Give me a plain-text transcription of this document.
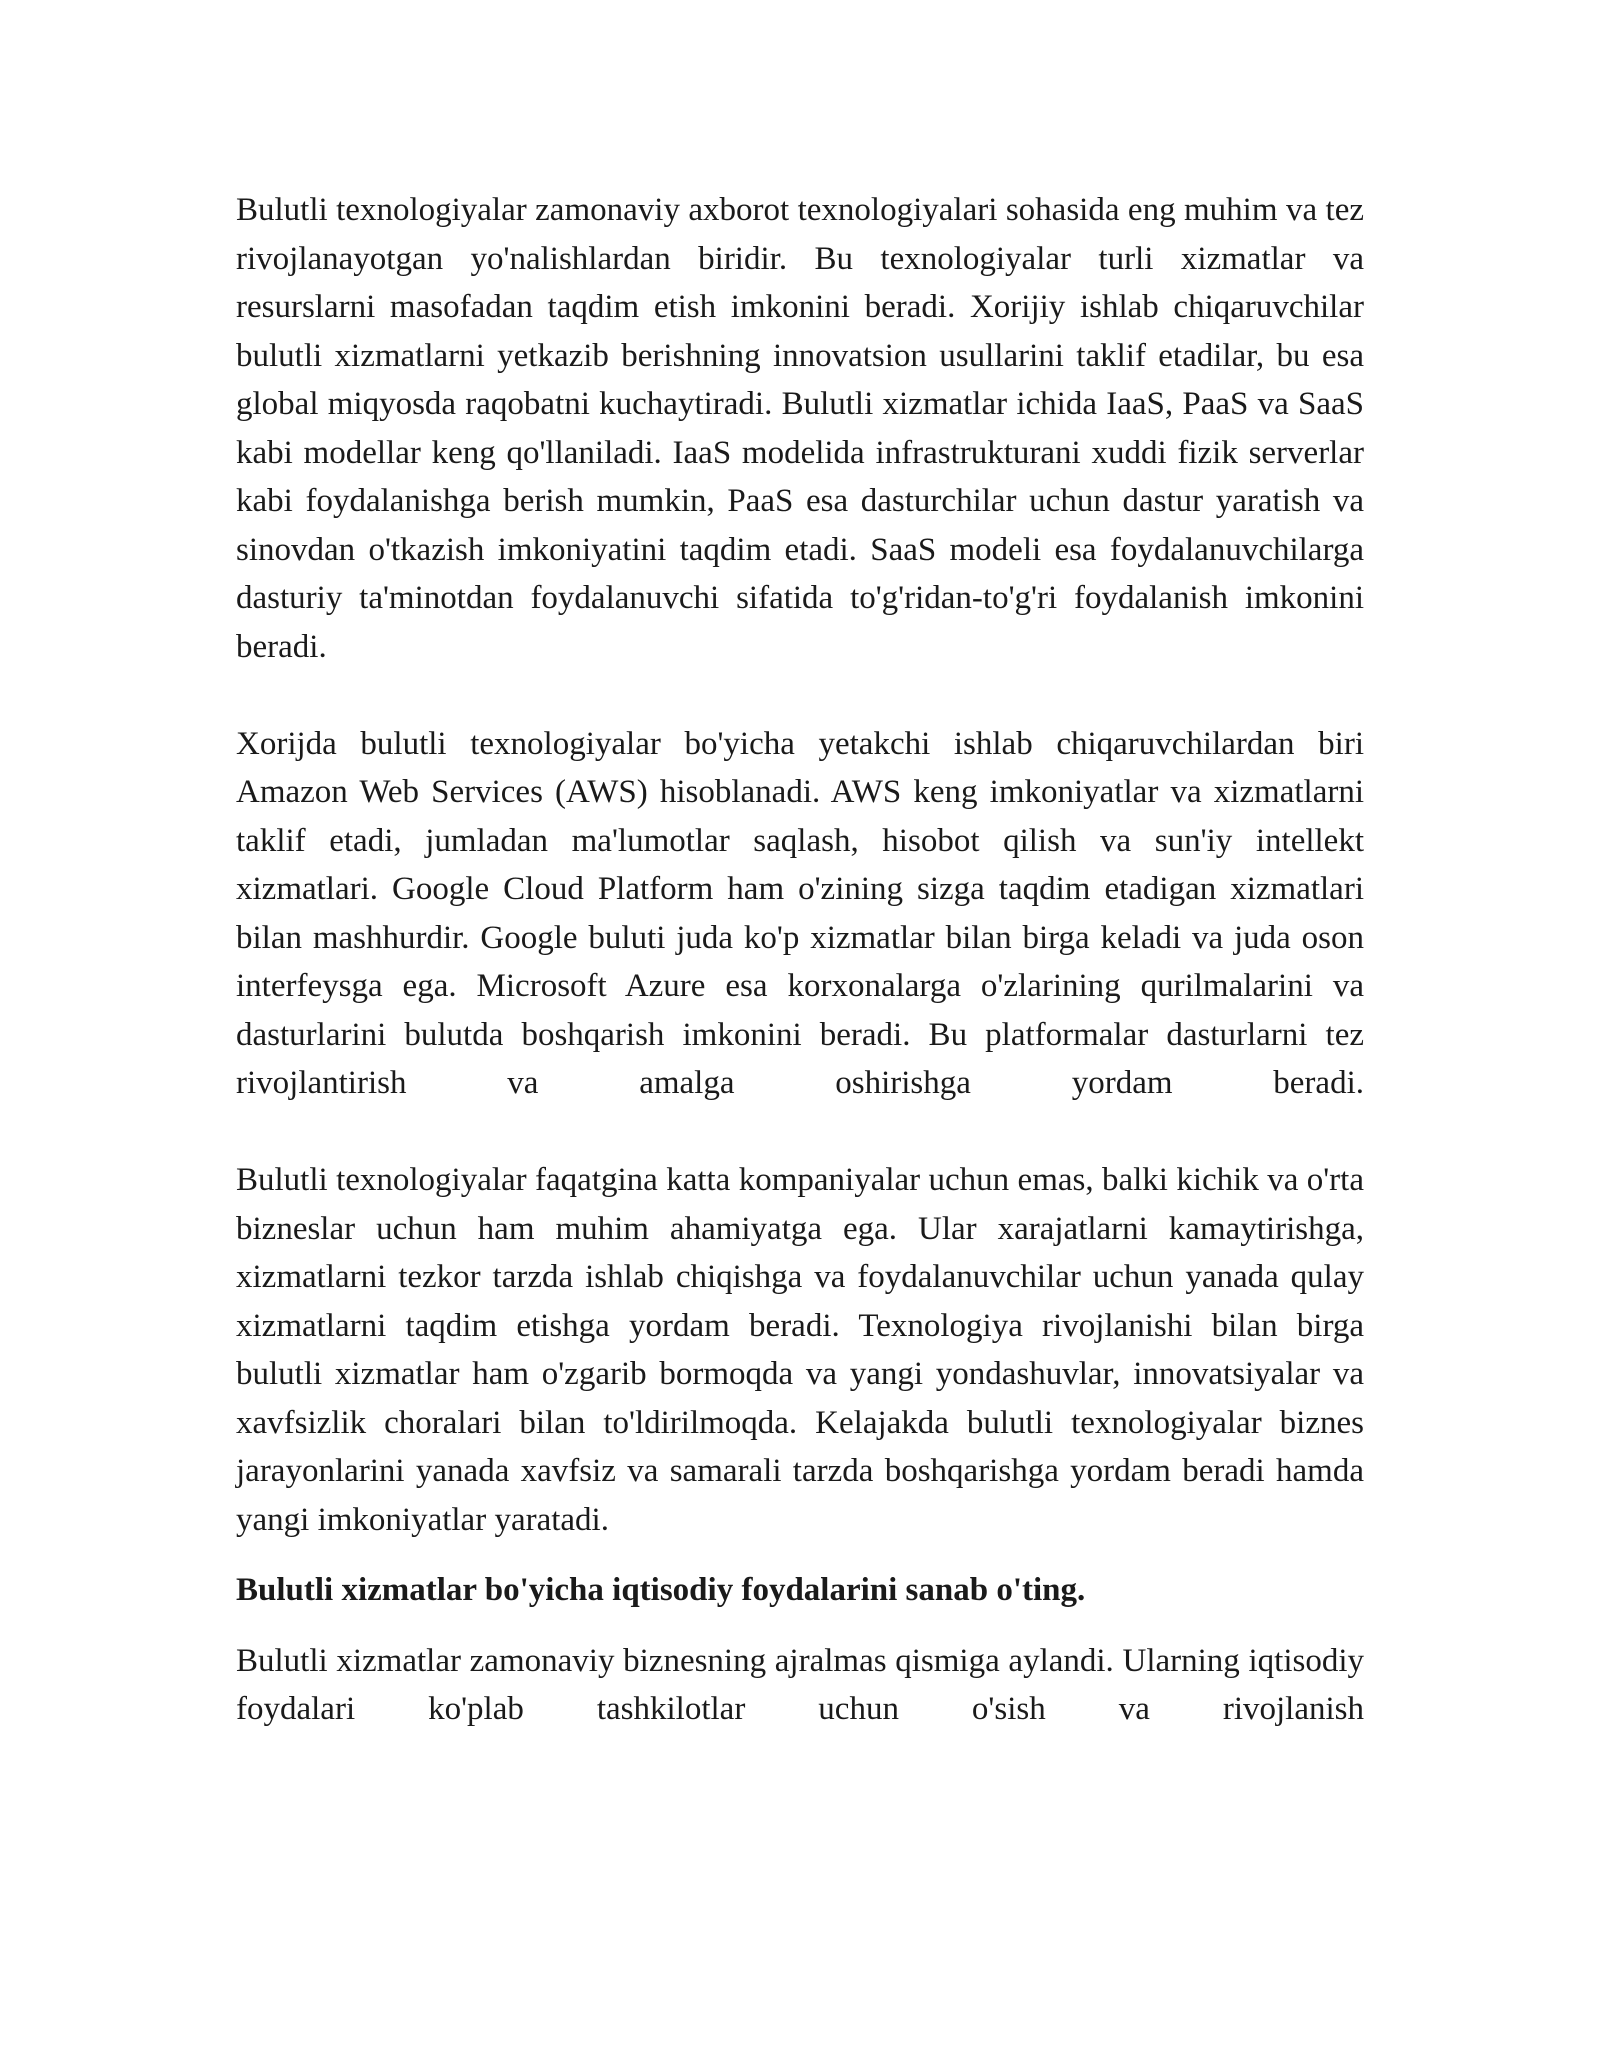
Bulutli texnologiyalar zamonaviy axborot texnologiyalari sohasida eng muhim va tez rivojlanayotgan yo'nalishlardan biridir. Bu texnologiyalar turli xizmatlar va resurslarni masofadan taqdim etish imkonini beradi. Xorijiy ishlab chiqaruvchilar bulutli xizmatlarni yetkazib berishning innovatsion usullarini taklif etadilar, bu esa global miqyosda raqobatni kuchaytiradi. Bulutli xizmatlar ichida IaaS, PaaS va SaaS kabi modellar keng qo'llaniladi. IaaS modelida infrastrukturani xuddi fizik serverlar kabi foydalanishga berish mumkin, PaaS esa dasturchilar uchun dastur yaratish va sinovdan o'tkazish imkoniyatini taqdim etadi. SaaS modeli esa foydalanuvchilarga dasturiy ta'minotdan foydalanuvchi sifatida to'g'ridan-to'g'ri foydalanish imkonini beradi.

Xorijda bulutli texnologiyalar bo'yicha yetakchi ishlab chiqaruvchilardan biri Amazon Web Services (AWS) hisoblanadi. AWS keng imkoniyatlar va xizmatlarni taklif etadi, jumladan ma'lumotlar saqlash, hisobot qilish va sun'iy intellekt xizmatlari. Google Cloud Platform ham o'zining sizga taqdim etadigan xizmatlari bilan mashhurdir. Google buluti juda ko'p xizmatlar bilan birga keladi va juda oson interfeysga ega. Microsoft Azure esa korxonalarga o'zlarining qurilmalarini va dasturlarini bulutda boshqarish imkonini beradi. Bu platformalar dasturlarni tez rivojlantirish va amalga oshirishga yordam beradi.

Bulutli texnologiyalar faqatgina katta kompaniyalar uchun emas, balki kichik va o'rta bizneslar uchun ham muhim ahamiyatga ega. Ular xarajatlarni kamaytirishga, xizmatlarni tezkor tarzda ishlab chiqishga va foydalanuvchilar uchun yanada qulay xizmatlarni taqdim etishga yordam beradi. Texnologiya rivojlanishi bilan birga bulutli xizmatlar ham o'zgarib bormoqda va yangi yondashuvlar, innovatsiyalar va xavfsizlik choralari bilan to'ldirilmoqda. Kelajakda bulutli texnologiyalar biznes jarayonlarini yanada xavfsiz va samarali tarzda boshqarishga yordam beradi hamda yangi imkoniyatlar yaratadi.

Bulutli xizmatlar bo'yicha iqtisodiy foydalarini sanab o'ting.

Bulutli xizmatlar zamonaviy biznesning ajralmas qismiga aylandi. Ularning iqtisodiy foydalari ko'plab tashkilotlar uchun o'sish va rivojlanish
